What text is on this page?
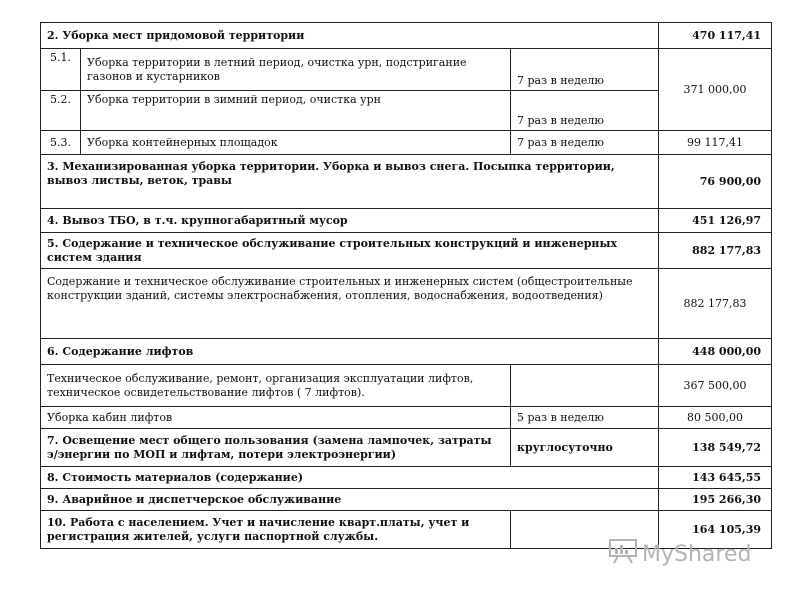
2. Уборка мест придомовой территории			470 117,41
5.1.	Уборка территории в летний период, очистка урн, подстригание газонов и кустарников	7 раз в неделю	371 000,00
5.2.	Уборка территории в зимний период, очистка урн	7 раз в неделю	
5.3.	Уборка контейнерных площадок	7 раз в неделю	99 117,41
3. Механизированная уборка территории. Уборка и вывоз снега. Посыпка территории, вывоз листвы, веток, травы			76 900,00
4. Вывоз ТБО, в т.ч. крупногабаритный мусор			451 126,97
5. Содержание и техническое обслуживание строительных конструкций и инженерных систем здания			882 177,83
Содержание и техническое обслуживание строительных и инженерных систем (общестроительные конструкции зданий, системы электроснабжения, отопления, водоснабжения, водоотведения)			882 177,83
6. Содержание лифтов			448 000,00
Техническое обслуживание, ремонт, организация эксплуатации лифтов, техническое освидетельствование лифтов ( 7 лифтов).			367 500,00
Уборка кабин лифтов		5 раз в неделю	80 500,00
7. Освещение мест общего пользования (замена лампочек, затраты э/энергии по МОП и лифтам, потери электроэнергии)		круглосуточно	138 549,72
8. Стоимость материалов (содержание)			143 645,55
9. Аварийное и диспетчерское обслуживание			195 266,30
10. Работа с населением. Учет и начисление кварт.платы, учет и регистрация жителей, услуги паспортной службы.			164 105,39
MyShared
